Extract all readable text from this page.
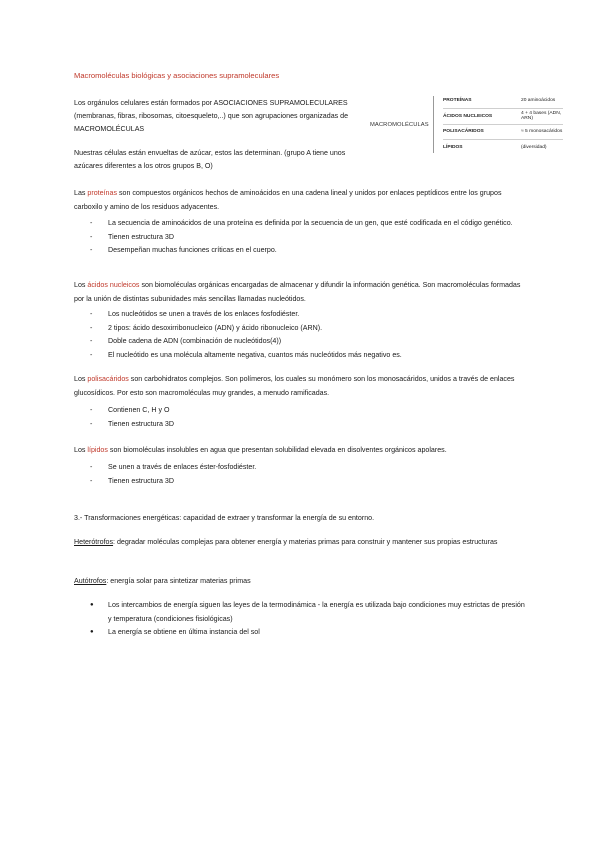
Macromoléculas biológicas y asociaciones supramoleculares

Los orgánulos celulares están formados por ASOCIACIONES SUPRAMOLECULARES (membranas, fibras, ribosomas, citoesqueleto,..) que son agrupaciones organizadas de MACROMOLÉCULAS

Nuestras células están envueltas de azúcar, estos las determinan. (grupo A tiene unos azúcares diferentes a los otros grupos B, O)

MACROMOLÉCULAS
PROTEÍNAS	20 aminoácidos
ÁCIDOS NUCLEICOS	4 + 4 bases (ADN, ARN)
POLISACÁRIDOS	≈ 5 monosacáridos
LÍPIDOS	(diversidad)

Las proteínas son compuestos orgánicos hechos de aminoácidos en una cadena lineal y unidos por enlaces peptídicos entre los grupos carboxilo y amino de los residuos adyacentes.

-	La secuencia de aminoácidos de una proteína es definida por la secuencia de un gen, que esté codificada en el código genético.
-	Tienen estructura 3D
-	Desempeñan muchas funciones críticas en el cuerpo.

Los ácidos nucleicos son biomoléculas orgánicas encargadas de almacenar y difundir la información genética. Son macromoléculas formadas por la unión de distintas subunidades más sencillas llamadas nucleótidos.

-	Los nucleótidos se unen a través de los enlaces fosfodiéster.
-	2 tipos: ácido desoxirribonucleico (ADN) y ácido ribonucleico (ARN).
-	Doble cadena de ADN (combinación de nucleótidos(4))
-	El nucleótido es una molécula altamente negativa, cuantos más nucleótidos más negativo es.

Los polisacáridos son carbohidratos complejos. Son polímeros, los cuales su monómero son los monosacáridos, unidos a través de enlaces glucosídicos. Por esto son macromoléculas muy grandes, a menudo ramificadas.

-	Contienen C, H y O
-	Tienen estructura 3D

Los lípidos son biomoléculas insolubles en agua que presentan solubilidad elevada en disolventes orgánicos apolares.

-	Se unen a través de enlaces éster-fosfodiéster.
-	Tienen estructura 3D

3.- Transformaciones energéticas: capacidad de extraer y transformar la energía de su entorno.

Heterótrofos: degradar moléculas complejas para obtener energía y materias primas para construir y mantener sus propias estructuras

Autótrofos: energía solar para sintetizar materias primas

●	Los intercambios de energía siguen las leyes de la termodinámica - la energía es utilizada bajo condiciones muy estrictas de presión y temperatura (condiciones fisiológicas)
●	La energía se obtiene en última instancia del sol
